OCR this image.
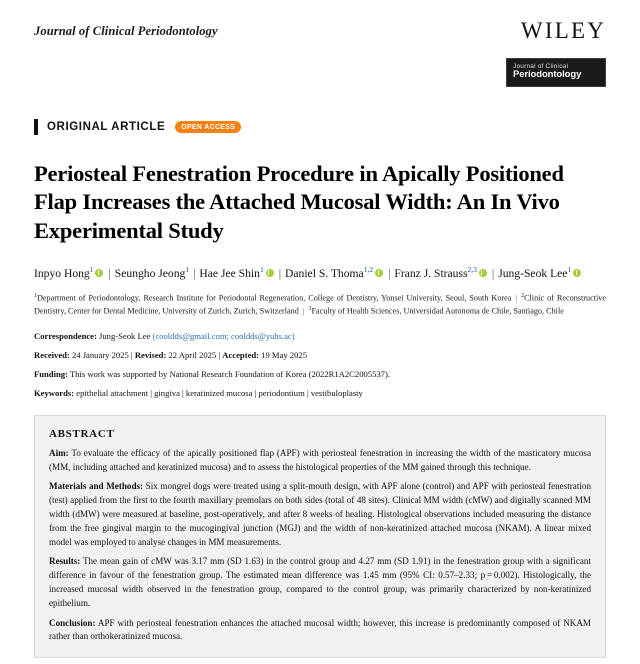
Journal of Clinical Periodontology	WILEY
Journal of Clinical
Periodontology
ORIGINAL ARTICLE	OPEN ACCESS
Periosteal Fenestration Procedure in Apically Positioned Flap Increases the Attached Mucosal Width: An In Vivo Experimental Study
Inpyo Hong$^1$ | Seungho Jeong$^1$ | Hae Jee Shin$^1$ | Daniel S. Thoma$^{1,2}$ | Franz J. Strauss$^{2,3}$ | Jung-Seok Lee$^1$
$^1$Department of Periodontology, Research Institute for Periodontal Regeneration, College of Dentistry, Yonsei University, Seoul, South Korea | $^2$Clinic of Reconstructive Dentistry, Center for Dental Medicine, University of Zurich, Zurich, Switzerland | $^3$Faculty of Health Sciences, Universidad Autonoma de Chile, Santiago, Chile
Correspondence: Jung-Seok Lee (cooldds@gmail.com; cooldds@yuhs.ac)
Received: 24 January 2025 | Revised: 22 April 2025 | Accepted: 19 May 2025
Funding: This work was supported by National Research Foundation of Korea (2022R1A2C2005537).
Keywords: epithelial attachment | gingiva | keratinized mucosa | periodontium | vestibuloplasty
ABSTRACT
Aim: To evaluate the efficacy of the apically positioned flap (APF) with periosteal fenestration in increasing the width of the masticatory mucosa (MM, including attached and keratinized mucosa) and to assess the histological properties of the MM gained through this technique.
Materials and Methods: Six mongrel dogs were treated using a split-mouth design, with APF alone (control) and APF with periosteal fenestration (test) applied from the first to the fourth maxillary premolars on both sides (total of 48 sites). Clinical MM width (cMW) and digitally scanned MM width (dMW) were measured at baseline, post-operatively, and after 8 weeks of healing. Histological observations included measuring the distance from the free gingival margin to the mucogingival junction (MGJ) and the width of non-keratinized attached mucosa (NKAM). A linear mixed model was employed to analyse changes in MM measurements.
Results: The mean gain of cMW was 3.17 mm (SD 1.63) in the control group and 4.27 mm (SD 1.91) in the fenestration group with a significant difference in favour of the fenestration group. The estimated mean difference was 1.45 mm (95% CI: 0.57–2.33; p = 0.002). Histologically, the increased mucosal width observed in the fenestration group, compared to the control group, was primarily characterized by non-keratinized epithelium.
Conclusion: APF with periosteal fenestration enhances the attached mucosal width; however, this increase is predominantly composed of NKAM rather than orthokeratinized mucosa.
